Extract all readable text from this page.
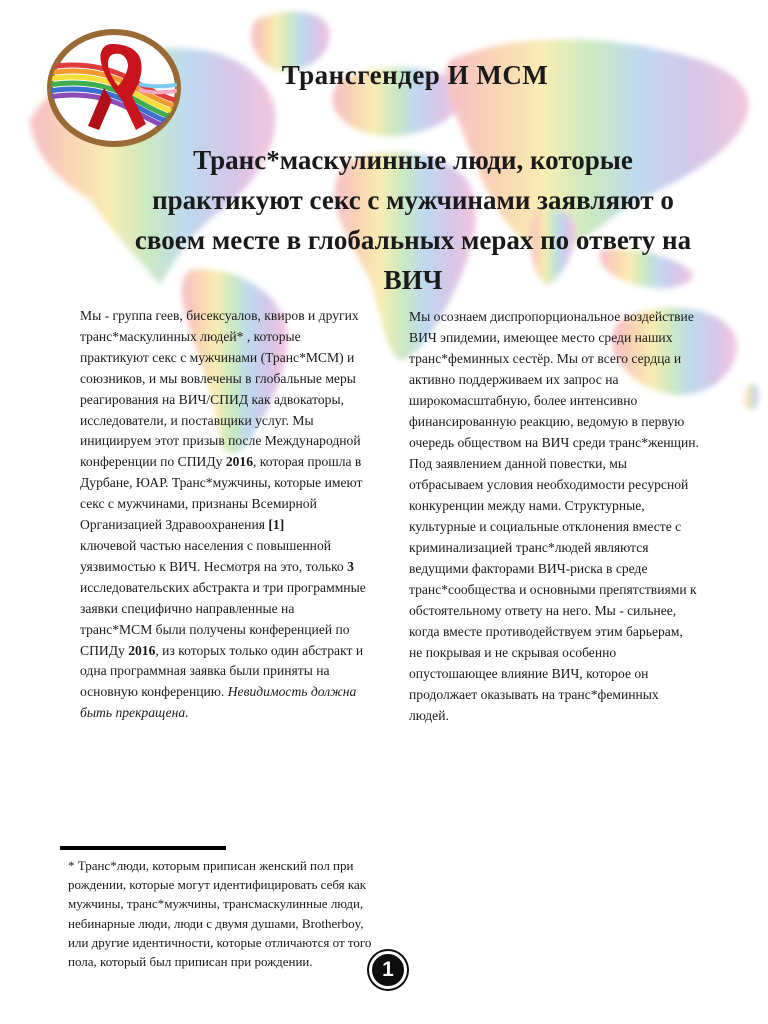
Трансгендер И МСМ
Транс*маскулинные люди, которые практикуют секс с мужчинами заявляют о своем месте в глобальных мерах по ответу на ВИЧ

Мы - группа геев, бисексуалов, квиров и других транс*маскулинных людей* , которые практикуют секс с мужчинами (Транс*МСМ) и союзников, и мы вовлечены в глобальные меры реагирования на ВИЧ/СПИД как адвокаторы, исследователи, и поставщики услуг. Мы инициируем этот призыв после Международной конференции по СПИДу 2016, которая прошла в Дурбане, ЮАР. Транс*мужчины, которые имеют секс с мужчинами, признаны Всемирной Организацией Здравоохранения [1]
ключевой частью населения с повышенной уязвимостью к ВИЧ. Несмотря на это, только 3 исследовательских абстракта и три программные заявки специфично направленные на транс*МСМ были получены конференцией по СПИДу 2016, из которых только один абстракт и одна программная заявка были приняты на основную конференцию. Невидимость должна быть прекращена.

Мы осознаем диспропорциональное воздействие ВИЧ эпидемии, имеющее место среди наших транс*феминных сестёр. Мы от всего сердца и активно поддерживаем их запрос на широкомасштабную, более интенсивно финансированную реакцию, ведомую в первую очередь обществом на ВИЧ среди транс*женщин. Под заявлением данной повестки, мы отбрасываем условия необходимости ресурсной конкуренции между нами. Структурные, культурные и социальные отклонения вместе с криминализацией транс*людей являются ведущими факторами ВИЧ-риска в среде транс*сообщества и основными препятствиями к обстоятельному ответу на него. Мы - сильнее, когда вместе противодействуем этим барьерам, не покрывая и не скрывая особенно опустошающее влияние ВИЧ, которое он продолжает оказывать на транс*феминных людей.

* Транс*люди, которым приписан женский пол при рождении, которые могут идентифицировать себя как мужчины, транс*мужчины, трансмаскулинные люди, небинарные люди, люди с двумя душами, Brotherboy, или другие идентичности, которые отличаются от того пола, который был приписан при рождении.	1
